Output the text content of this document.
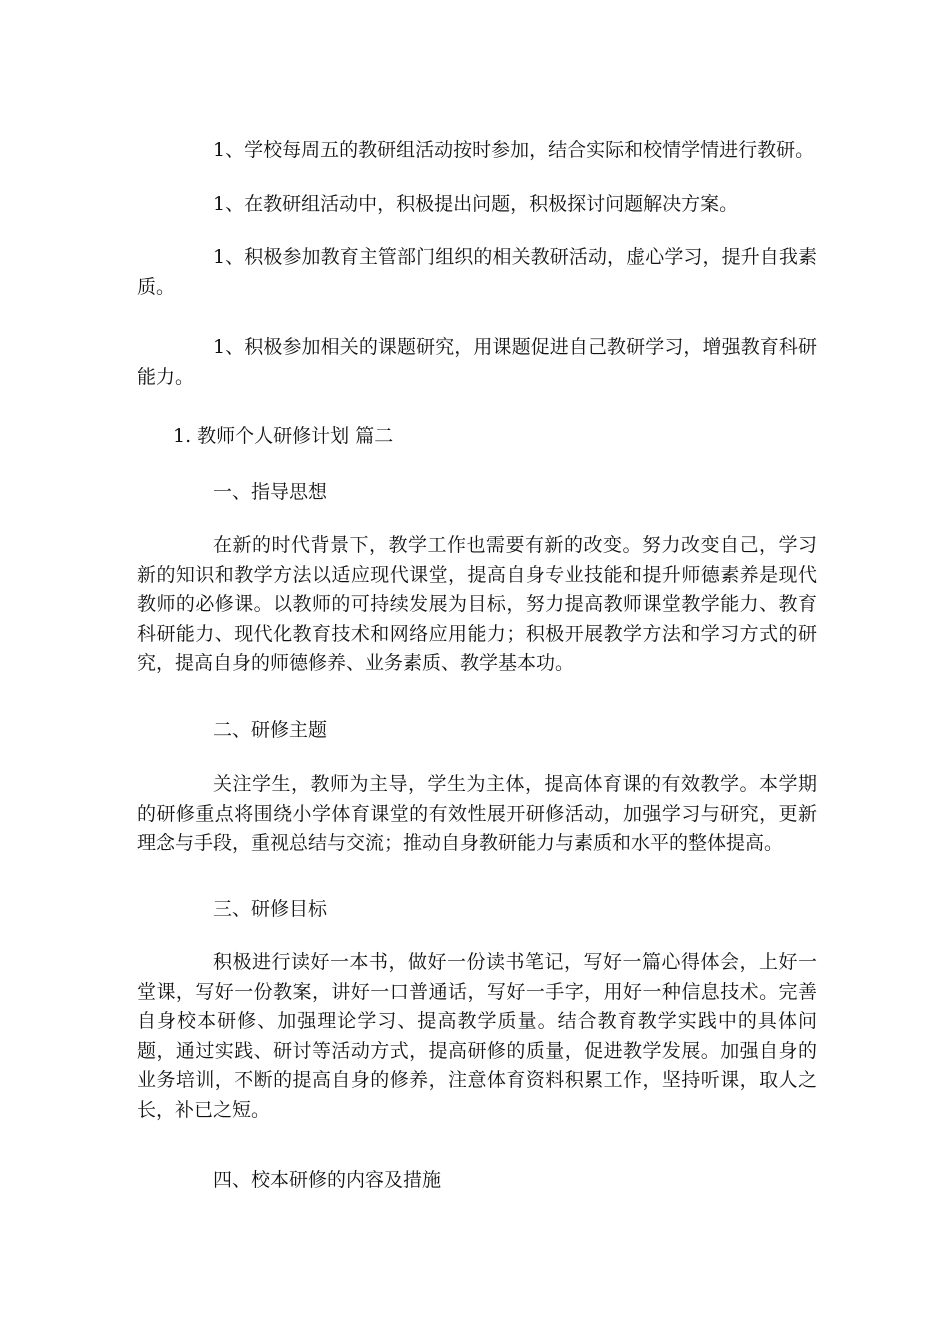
1、学校每周五的教研组活动按时参加，结合实际和校情学情进行教研。

1、在教研组活动中，积极提出问题，积极探讨问题解决方案。

1、积极参加教育主管部门组织的相关教研活动，虚心学习，提升自我素质。

1、积极参加相关的课题研究，用课题促进自己教研学习，增强教育科研能力。

1. 教师个人研修计划 篇二

一、指导思想

在新的时代背景下，教学工作也需要有新的改变。努力改变自己，学习新的知识和教学方法以适应现代课堂，提高自身专业技能和提升师德素养是现代教师的必修课。以教师的可持续发展为目标，努力提高教师课堂教学能力、教育科研能力、现代化教育技术和网络应用能力；积极开展教学方法和学习方式的研究，提高自身的师德修养、业务素质、教学基本功。

二、研修主题

关注学生，教师为主导，学生为主体，提高体育课的有效教学。本学期的研修重点将围绕小学体育课堂的有效性展开研修活动，加强学习与研究，更新理念与手段，重视总结与交流；推动自身教研能力与素质和水平的整体提高。

三、研修目标

积极进行读好一本书，做好一份读书笔记，写好一篇心得体会，上好一堂课，写好一份教案，讲好一口普通话，写好一手字，用好一种信息技术。完善自身校本研修、加强理论学习、提高教学质量。结合教育教学实践中的具体问题，通过实践、研讨等活动方式，提高研修的质量，促进教学发展。加强自身的业务培训，不断的提高自身的修养，注意体育资料积累工作，坚持听课，取人之长，补已之短。

四、校本研修的内容及措施
